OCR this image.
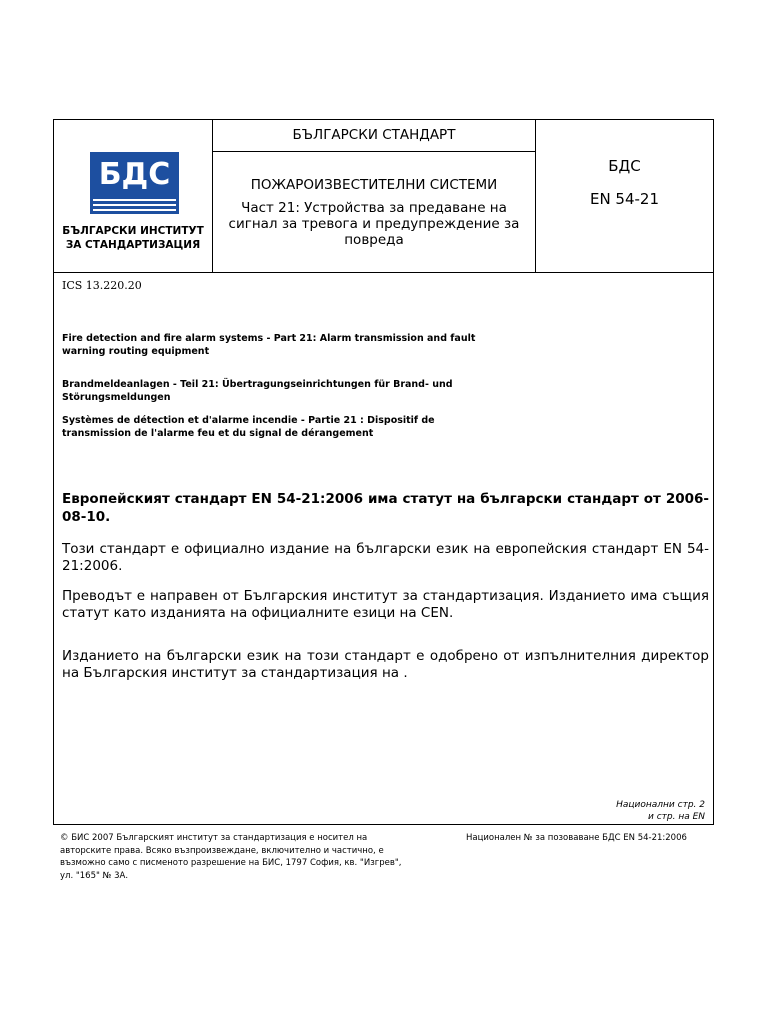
БДС
БЪЛГАРСКИ ИНСТИТУТ
ЗА СТАНДАРТИЗАЦИЯ
БЪЛГАРСКИ СТАНДАРТ
ПОЖАРОИЗВЕСТИТЕЛНИ СИСТЕМИ
Част 21: Устройства за предаване на сигнал за тревога и предупреждение за повреда
БДС
EN 54-21
ICS 13.220.20
Fire detection and fire alarm systems - Part 21: Alarm transmission and fault warning routing equipment
Brandmeldeanlagen - Teil 21: Übertragungseinrichtungen für Brand- und Störungsmeldungen
Systèmes de détection et d'alarme incendie - Partie 21 : Dispositif de transmission de l'alarme feu et du signal de dérangement
Европейският стандарт EN 54-21:2006 има статут на български стандарт от 2006-08-10.
Този стандарт е официално издание на български език на европейския стандарт EN 54-21:2006.
Преводът е направен от Българския институт за стандартизация. Изданието има същия статут като изданията на официалните езици на CEN.
Изданието на български език на този стандарт е одобрено от изпълнителния директор на Българския институт за стандартизация на .
Национални стр. 2
и стр. на EN
© БИС 2007 Българският институт за стандартизация е носител на авторските права. Всяко възпроизвеждане, включително и частично, е възможно само с писменото разрешение на БИС, 1797 София, кв. "Изгрев", ул. "165" № 3А.
Национален № за позоваване БДС EN 54-21:2006
